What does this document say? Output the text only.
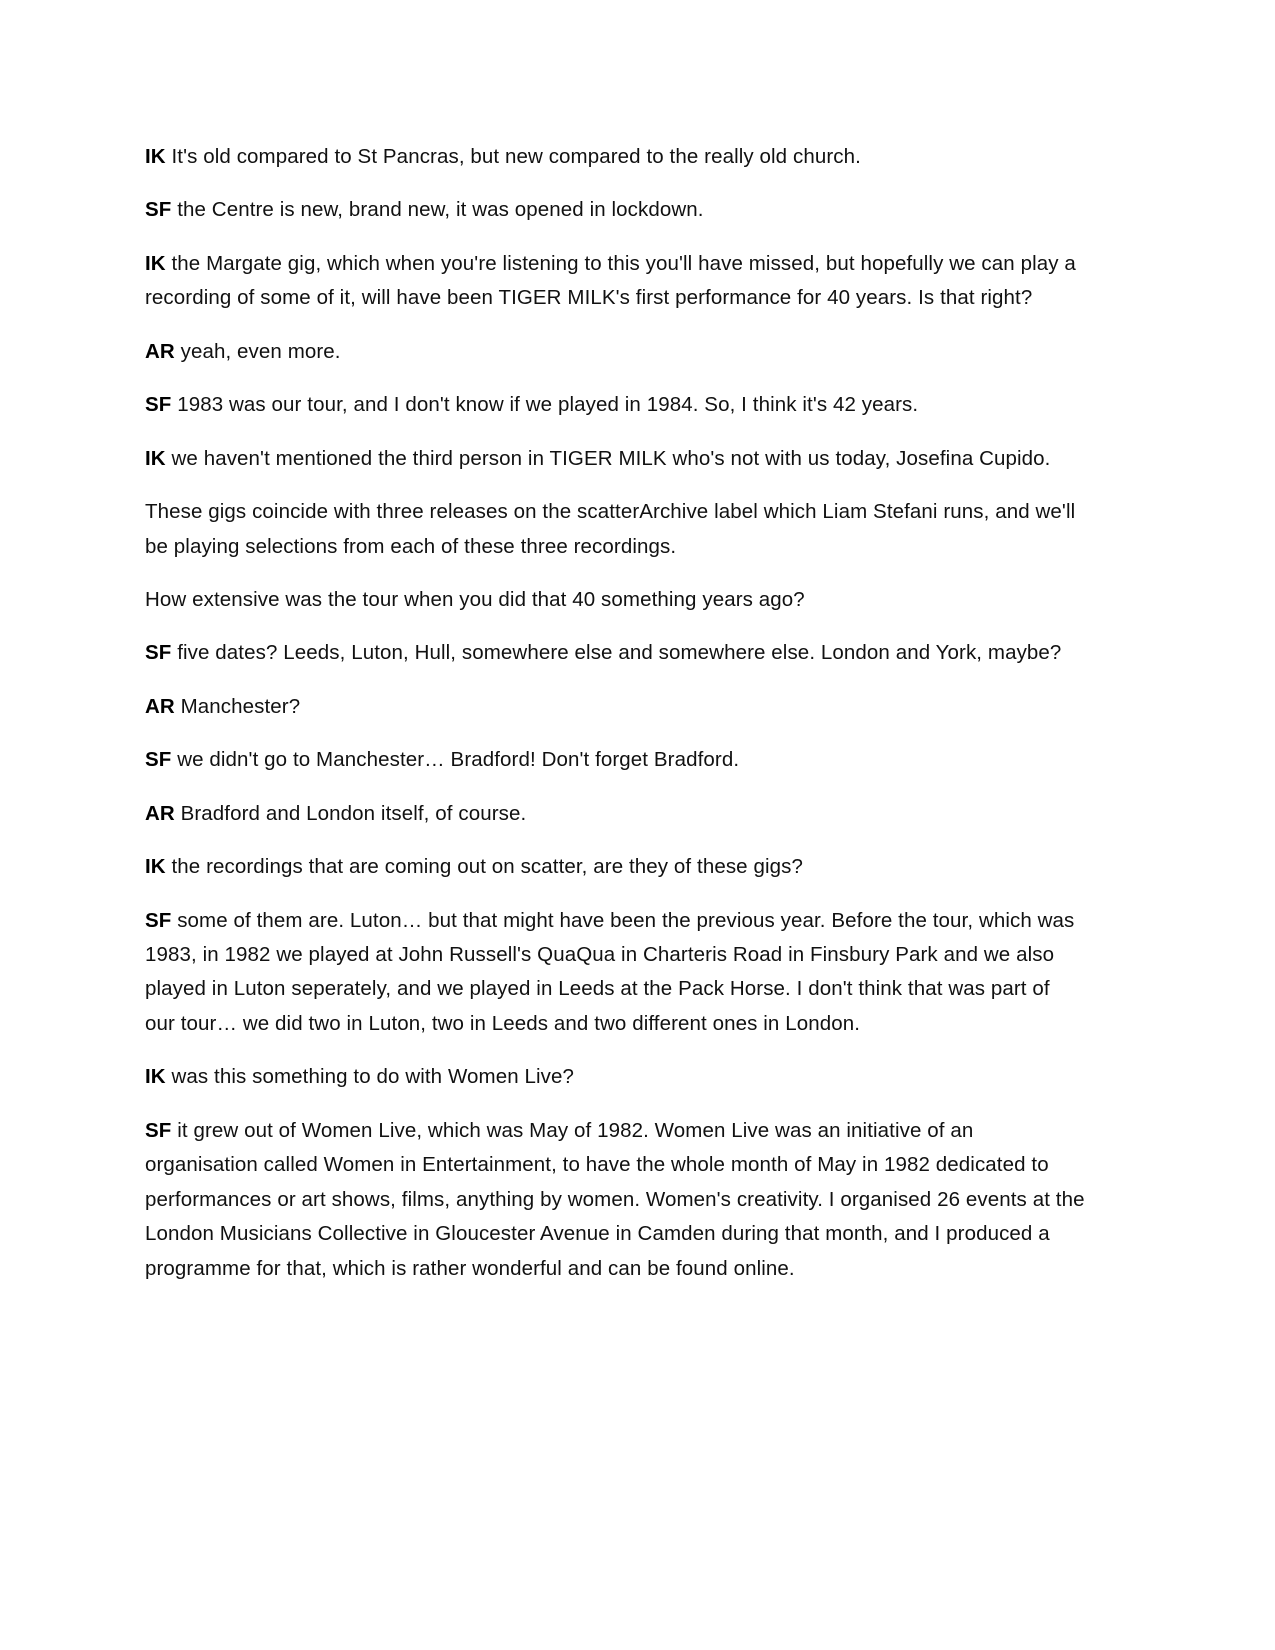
IK It's old compared to St Pancras, but new compared to the really old church.

SF the Centre is new, brand new, it was opened in lockdown.

IK the Margate gig, which when you're listening to this you'll have missed, but hopefully we can play a recording of some of it, will have been TIGER MILK's first performance for 40 years. Is that right?

AR yeah, even more.

SF 1983 was our tour, and I don't know if we played in 1984. So, I think it's 42 years.

IK we haven't mentioned the third person in TIGER MILK who's not with us today, Josefina Cupido.

These gigs coincide with three releases on the scatterArchive label which Liam Stefani runs, and we'll be playing selections from each of these three recordings.

How extensive was the tour when you did that 40 something years ago?

SF five dates? Leeds, Luton, Hull, somewhere else and somewhere else. London and York, maybe?

AR Manchester?

SF we didn't go to Manchester… Bradford! Don't forget Bradford.

AR Bradford and London itself, of course.

IK the recordings that are coming out on scatter, are they of these gigs?

SF some of them are. Luton… but that might have been the previous year. Before the tour, which was 1983, in 1982 we played at John Russell's QuaQua in Charteris Road in Finsbury Park and we also played in Luton seperately, and we played in Leeds at the Pack Horse. I don't think that was part of our tour… we did two in Luton, two in Leeds and two different ones in London.

IK was this something to do with Women Live?

SF it grew out of Women Live, which was May of 1982. Women Live was an initiative of an organisation called Women in Entertainment, to have the whole month of May in 1982 dedicated to performances or art shows, films, anything by women. Women's creativity. I organised 26 events at the London Musicians Collective in Gloucester Avenue in Camden during that month, and I produced a programme for that, which is rather wonderful and can be found online.
